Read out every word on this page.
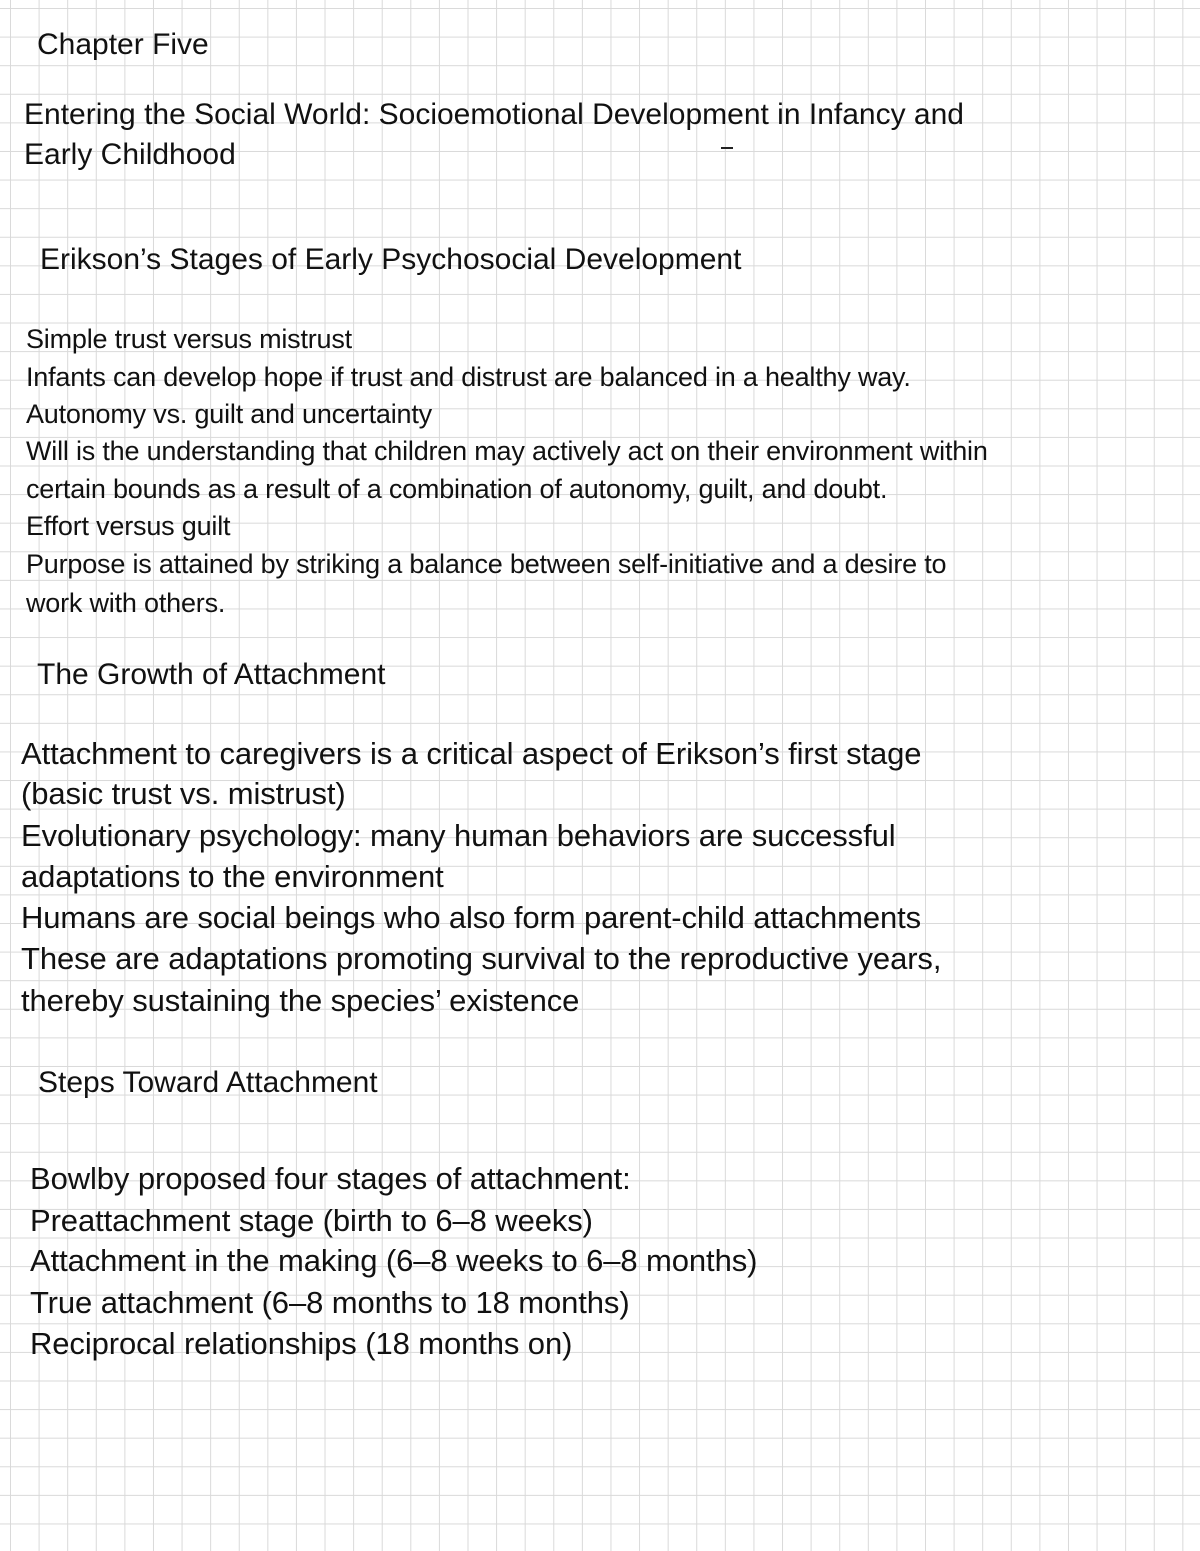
Chapter Five

Entering the Social World: Socioemotional Development in Infancy and

Early Childhood

Erikson’s Stages of Early Psychosocial Development

Simple trust versus mistrust

Infants can develop hope if trust and distrust are balanced in a healthy way.

Autonomy vs. guilt and uncertainty

Will is the understanding that children may actively act on their environment within

certain bounds as a result of a combination of autonomy, guilt, and doubt.

Effort versus guilt

Purpose is attained by striking a balance between self-initiative and a desire to

work with others.

The Growth of Attachment

Attachment to caregivers is a critical aspect of Erikson’s first stage

(basic trust vs. mistrust)

Evolutionary psychology: many human behaviors are successful

adaptations to the environment

Humans are social beings who also form parent-child attachments

These are adaptations promoting survival to the reproductive years,

thereby sustaining the species’ existence

Steps Toward Attachment

Bowlby proposed four stages of attachment:

Preattachment stage (birth to 6–8 weeks)

Attachment in the making (6–8 weeks to 6–8 months)

True attachment (6–8 months to 18 months)

Reciprocal relationships (18 months on)
